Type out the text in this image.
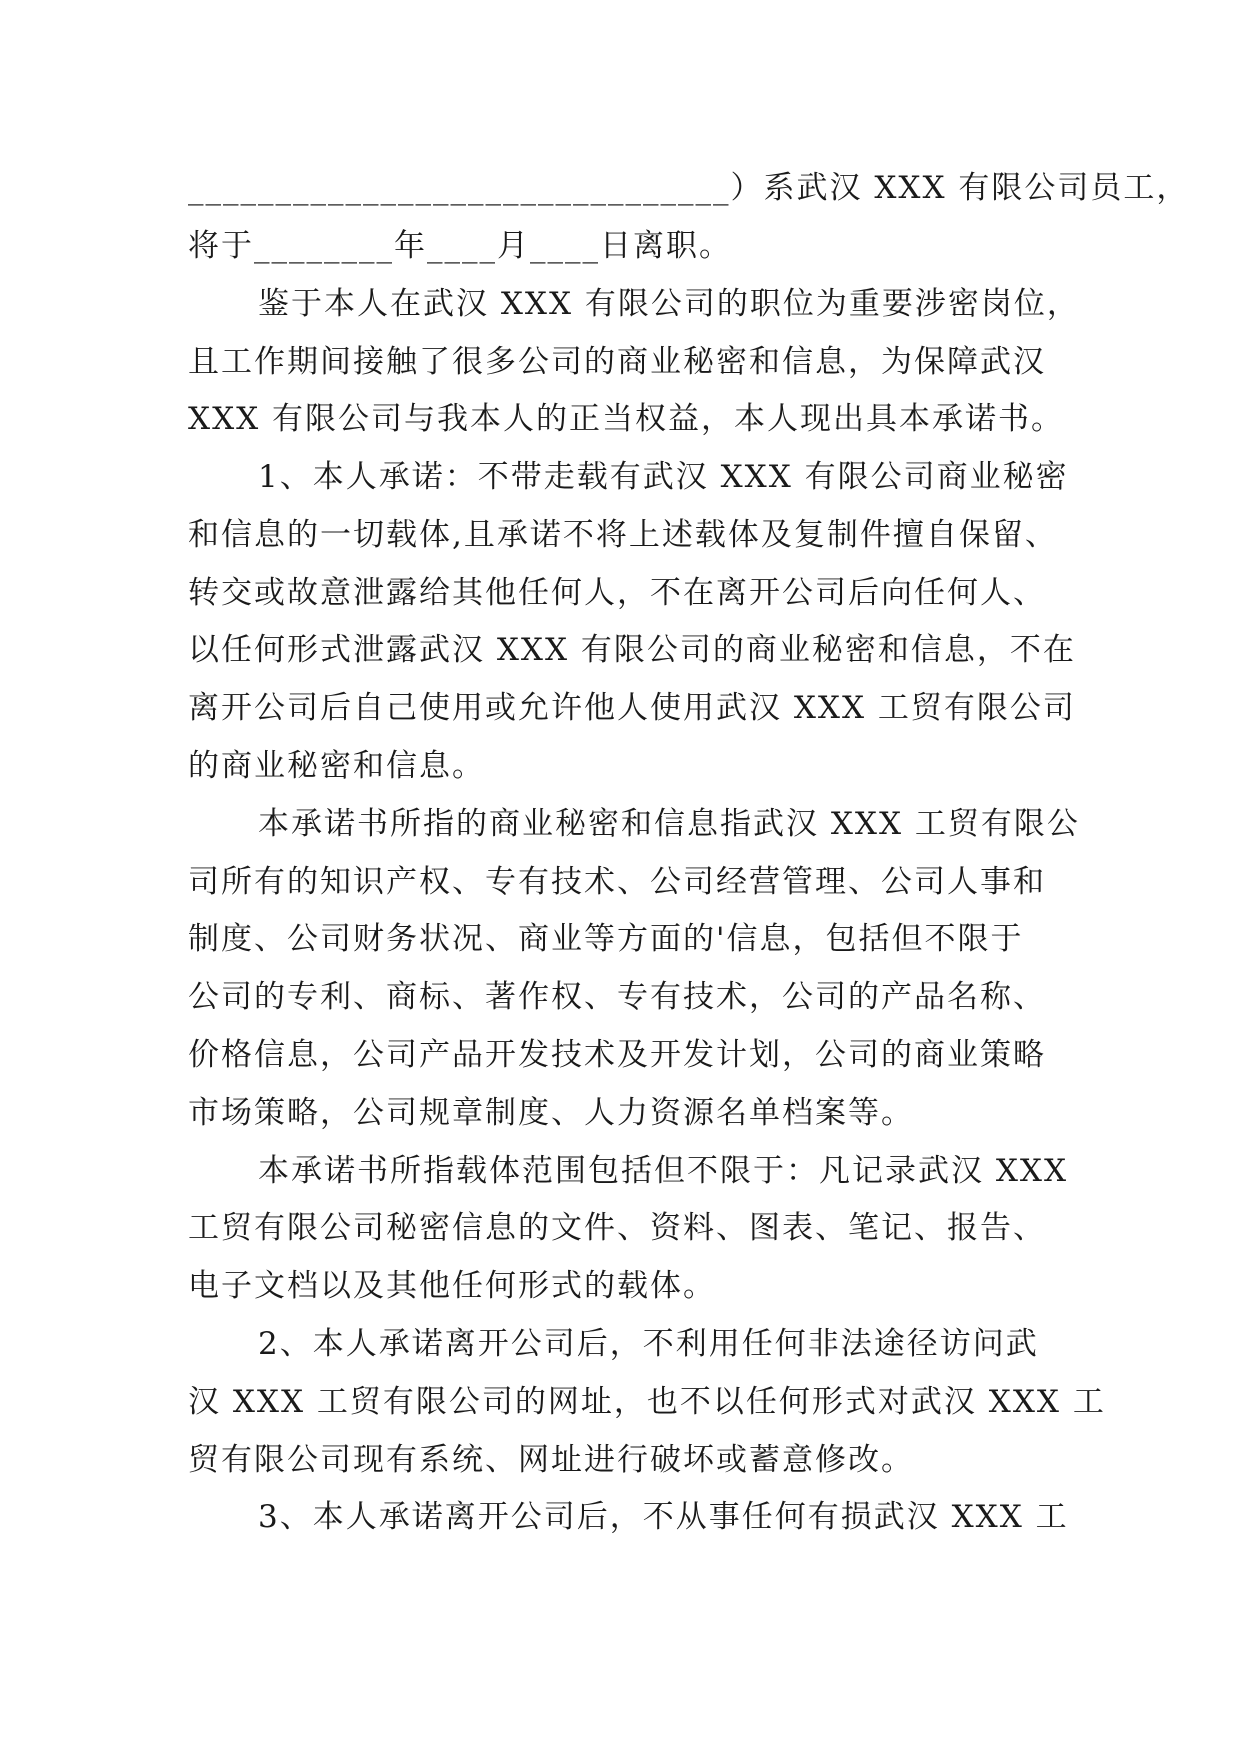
_______________________________）系武汉 XXX 有限公司员工，
将于________年____月____日离职。
鉴于本人在武汉 XXX 有限公司的职位为重要涉密岗位，
且工作期间接触了很多公司的商业秘密和信息，为保障武汉
XXX 有限公司与我本人的正当权益，本人现出具本承诺书。
1、本人承诺：不带走载有武汉 XXX 有限公司商业秘密
和信息的一切载体,且承诺不将上述载体及复制件擅自保留、
转交或故意泄露给其他任何人，不在离开公司后向任何人、
以任何形式泄露武汉 XXX 有限公司的商业秘密和信息，不在
离开公司后自己使用或允许他人使用武汉 XXX 工贸有限公司
的商业秘密和信息。
本承诺书所指的商业秘密和信息指武汉 XXX 工贸有限公
司所有的知识产权、专有技术、公司经营管理、公司人事和
制度、公司财务状况、商业等方面的'信息，包括但不限于
公司的专利、商标、著作权、专有技术，公司的产品名称、
价格信息，公司产品开发技术及开发计划，公司的商业策略
市场策略，公司规章制度、人力资源名单档案等。
本承诺书所指载体范围包括但不限于：凡记录武汉 XXX
工贸有限公司秘密信息的文件、资料、图表、笔记、报告、
电子文档以及其他任何形式的载体。
2、本人承诺离开公司后，不利用任何非法途径访问武
汉 XXX 工贸有限公司的网址，也不以任何形式对武汉 XXX 工
贸有限公司现有系统、网址进行破坏或蓄意修改。
3、本人承诺离开公司后，不从事任何有损武汉 XXX 工
